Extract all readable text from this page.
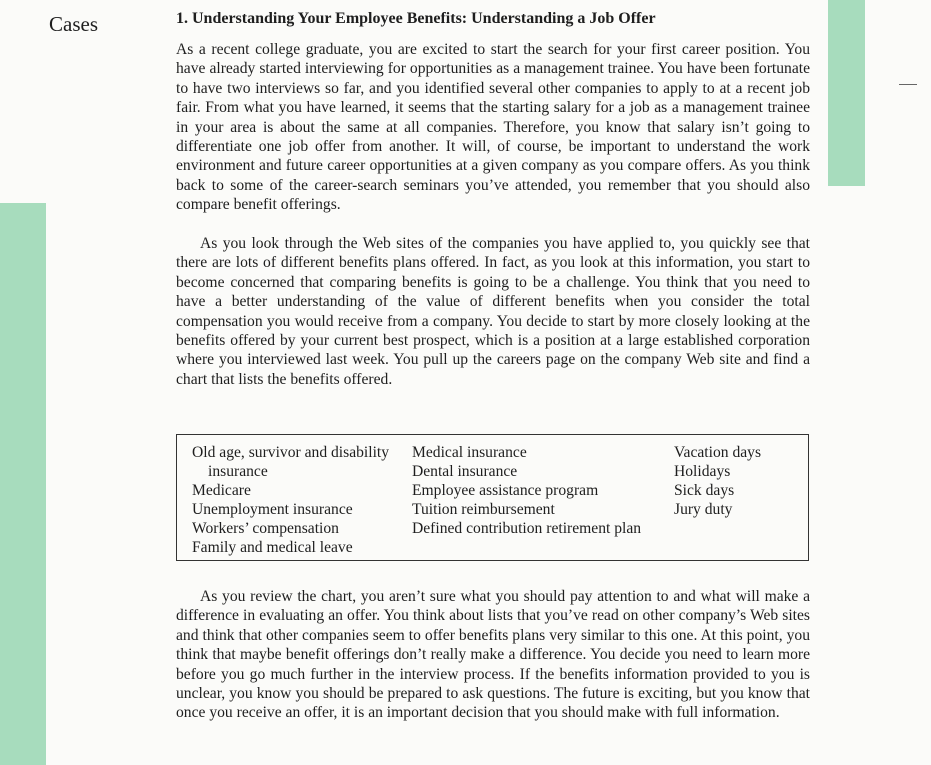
Cases	1. Understanding Your Employee Benefits: Understanding a Job Offer

As a recent college graduate, you are excited to start the search for your first career position. You have already started interviewing for opportunities as a management trainee. You have been fortunate to have two interviews so far, and you identified several other companies to apply to at a recent job fair. From what you have learned, it seems that the starting salary for a job as a management trainee in your area is about the same at all companies. Therefore, you know that salary isn’t going to differentiate one job offer from another. It will, of course, be important to understand the work environment and future career opportunities at a given company as you compare offers. As you think back to some of the career-search seminars you’ve attended, you remember that you should also compare benefit offerings.

As you look through the Web sites of the companies you have applied to, you quickly see that there are lots of different benefits plans offered. In fact, as you look at this information, you start to become concerned that comparing benefits is going to be a challenge. You think that you need to have a better understanding of the value of different benefits when you consider the total compensation you would receive from a company. You decide to start by more closely looking at the benefits offered by your current best prospect, which is a position at a large established corporation where you interviewed last week. You pull up the careers page on the company Web site and find a chart that lists the benefits offered.

Old age, survivor and disability insurance
Medicare
Unemployment insurance
Workers’ compensation
Family and medical leave
Medical insurance
Dental insurance
Employee assistance program
Tuition reimbursement
Defined contribution retirement plan
Vacation days
Holidays
Sick days
Jury duty

As you review the chart, you aren’t sure what you should pay attention to and what will make a difference in evaluating an offer. You think about lists that you’ve read on other company’s Web sites and think that other companies seem to offer benefits plans very similar to this one. At this point, you think that maybe benefit offerings don’t really make a difference. You decide you need to learn more before you go much further in the interview process. If the benefits information provided to you is unclear, you know you should be prepared to ask questions. The future is exciting, but you know that once you receive an offer, it is an important decision that you should make with full information.
